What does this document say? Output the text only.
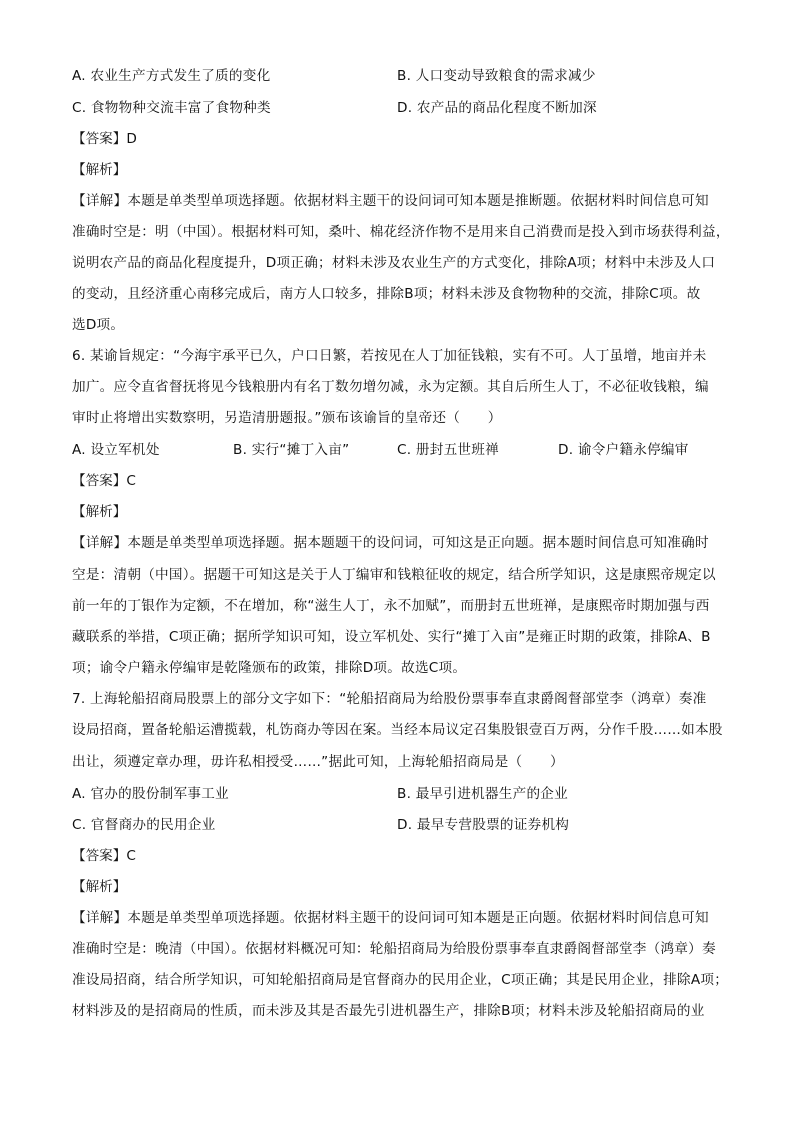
A. 农业生产方式发生了质的变化	B. 人口变动导致粮食的需求减少
C. 食物物种交流丰富了食物种类	D. 农产品的商品化程度不断加深
【答案】D
【解析】
【详解】本题是单类型单项选择题。依据材料主题干的设问词可知本题是推断题。依据材料时间信息可知
准确时空是：明（中国）。根据材料可知，桑叶、棉花经济作物不是用来自己消费而是投入到市场获得利益，
说明农产品的商品化程度提升，D项正确；材料未涉及农业生产的方式变化，排除A项；材料中未涉及人口
的变动，且经济重心南移完成后，南方人口较多，排除B项；材料未涉及食物物种的交流，排除C项。故
选D项。
6. 某谕旨规定：“今海宇承平已久，户口日繁，若按见在人丁加征钱粮，实有不可。人丁虽增，地亩并未
加广。应令直省督抚将见今钱粮册内有名丁数勿增勿减，永为定额。其自后所生人丁，不必征收钱粮，编
审时止将增出实数察明，另造清册题报。”颁布该谕旨的皇帝还（　　）
A. 设立军机处	B. 实行“摊丁入亩”	C. 册封五世班禅	D. 谕令户籍永停编审
【答案】C
【解析】
【详解】本题是单类型单项选择题。据本题题干的设问词，可知这是正向题。据本题时间信息可知准确时
空是：清朝（中国）。据题干可知这是关于人丁编审和钱粮征收的规定，结合所学知识，这是康熙帝规定以
前一年的丁银作为定额，不在增加，称“滋生人丁，永不加赋”，而册封五世班禅，是康熙帝时期加强与西
藏联系的举措，C项正确；据所学知识可知，设立军机处、实行“摊丁入亩”是雍正时期的政策，排除A、B
项；谕令户籍永停编审是乾隆颁布的政策，排除D项。故选C项。
7. 上海轮船招商局股票上的部分文字如下：“轮船招商局为给股份票事奉直隶爵阁督部堂李（鸿章）奏准
设局招商，置备轮船运漕揽载，札饬商办等因在案。当经本局议定召集股银壹百万两，分作千股……如本股
出让，须遵定章办理，毋许私相授受……”据此可知，上海轮船招商局是（　　）
A. 官办的股份制军事工业	B. 最早引进机器生产的企业
C. 官督商办的民用企业	D. 最早专营股票的证券机构
【答案】C
【解析】
【详解】本题是单类型单项选择题。依据材料主题干的设问词可知本题是正向题。依据材料时间信息可知
准确时空是：晚清（中国）。依据材料概况可知：轮船招商局为给股份票事奉直隶爵阁督部堂李（鸿章）奏
准设局招商，结合所学知识，可知轮船招商局是官督商办的民用企业，C项正确；其是民用企业，排除A项；
材料涉及的是招商局的性质，而未涉及其是否最先引进机器生产，排除B项；材料未涉及轮船招商局的业
